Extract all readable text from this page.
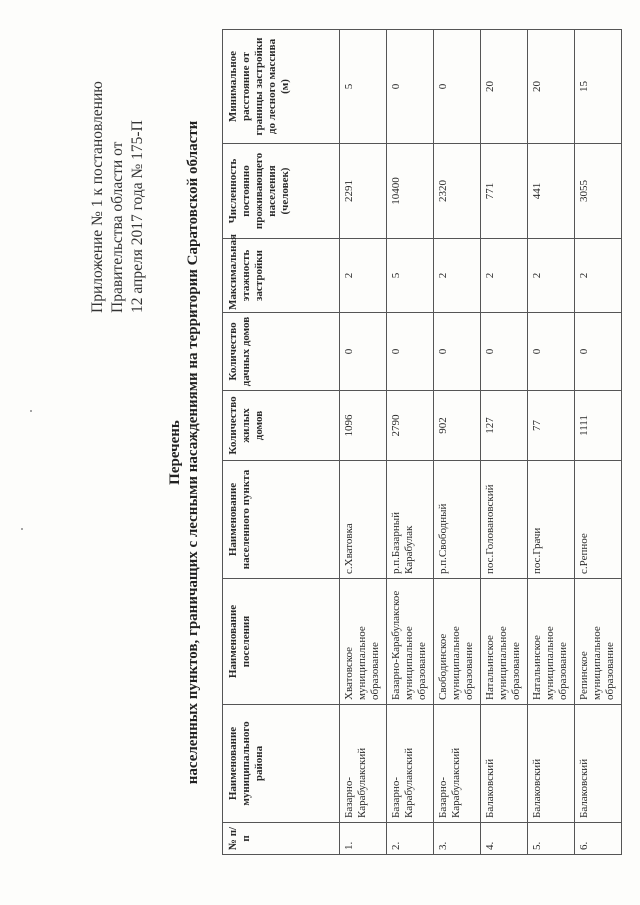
Приложение № 1 к постановлению Правительства области от 12 апреля 2017 года № 175-П
Перечень населенных пунктов, граничащих с лесными насаждениями на территории Саратовской области
№ п/п	Наименование муниципального района	Наименование поселения	Наименование населенного пункта	Количество жилых домов	Количество дачных домов	Максимальная этажность застройки	Численность постоянно проживающего населения (человек)	Минимальное расстояние от границы застройки до лесного массива (м)
1.	Базарно-Карабулакский	Хватовское муниципальное образование	с.Хватовка	1096	0	2	2291	5
2.	Базарно-Карабулакский	Базарно-Карабулакское муниципальное образование	р.п.Базарный Карабулак	2790	0	5	10400	0
3.	Базарно-Карабулакский	Свободинское муниципальное образование	р.п.Свободный	902	0	2	2320	0
4.	Балаковский	Натальинское муниципальное образование	пос.Головановский	127	0	2	771	20
5.	Балаковский	Натальинское муниципальное образование	пос.Грачи	77	0	2	441	20
6.	Балаковский	Репинское муниципальное образование	с.Репное	1111	0	2	3055	15
